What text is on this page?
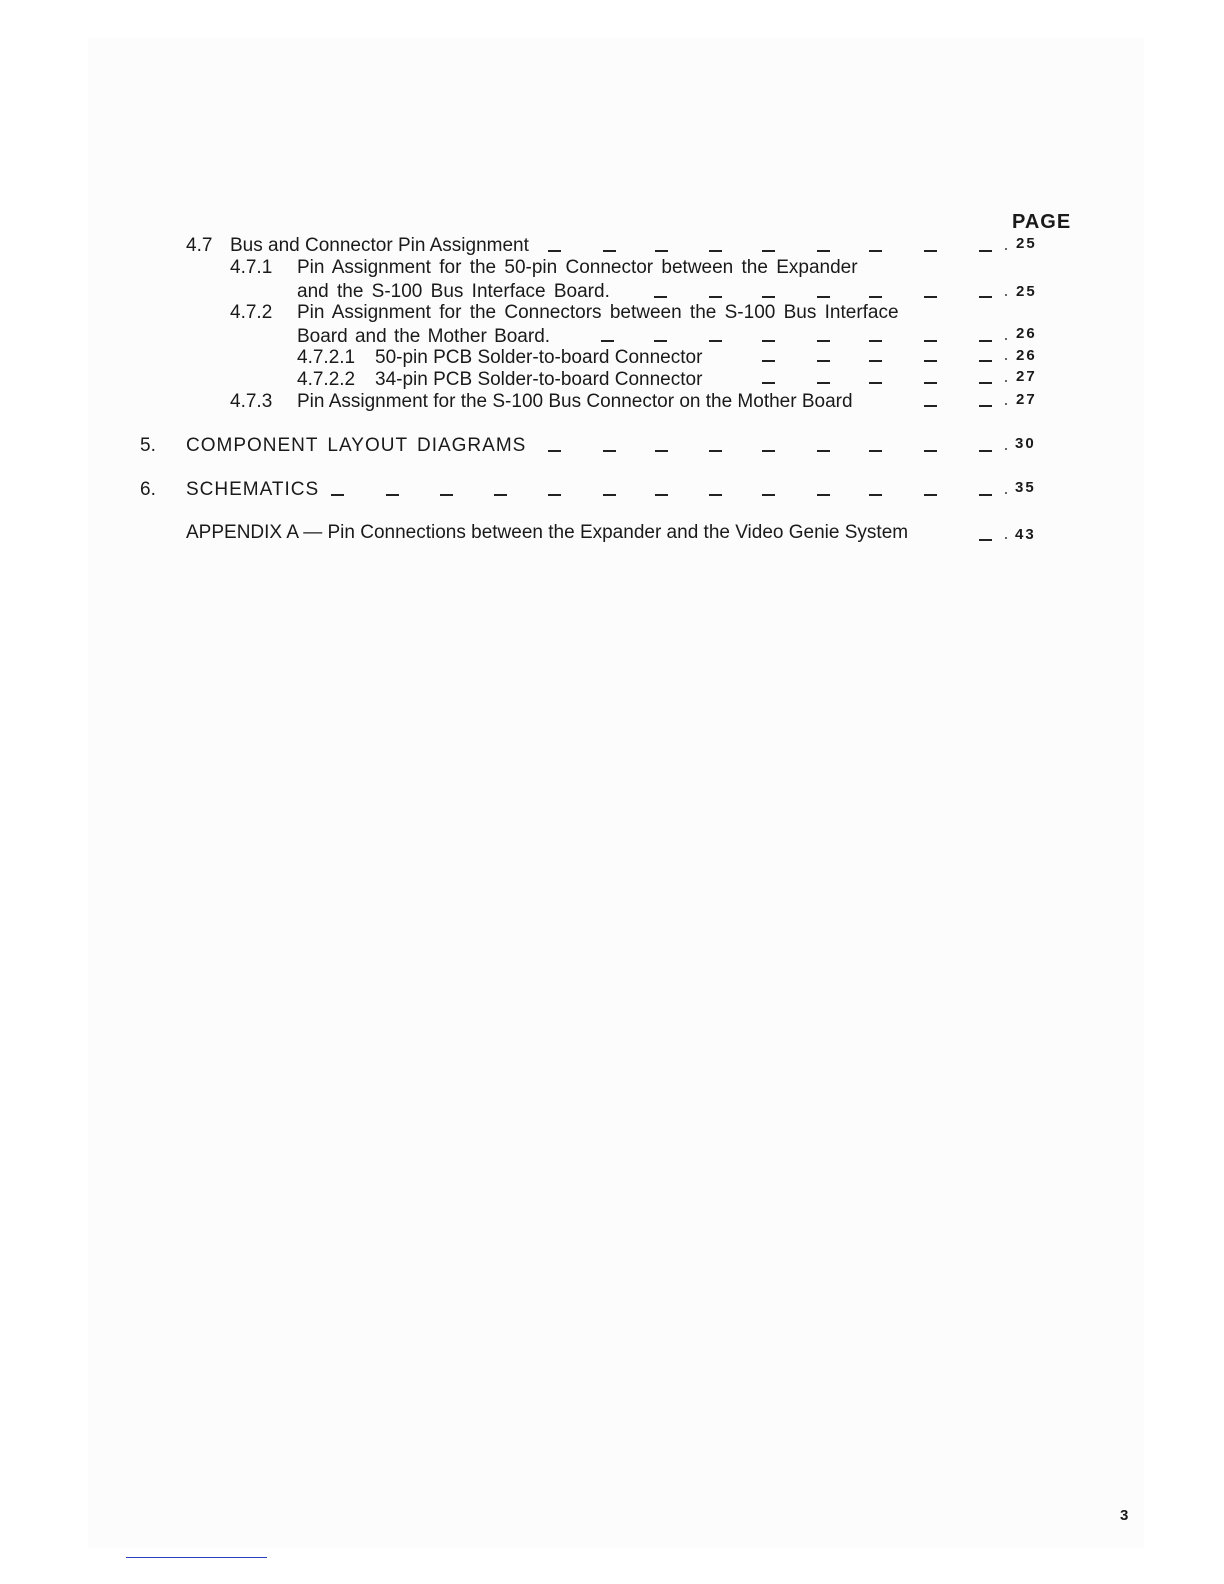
PAGE
4.7 Bus and Connector Pin Assignment	25
4.7.1 Pin Assignment for the 50-pin Connector between the Expander
and the S-100 Bus Interface Board.	25
4.7.2 Pin Assignment for the Connectors between the S-100 Bus Interface
Board and the Mother Board.	26
4.7.2.1 50-pin PCB Solder-to-board Connector	26
4.7.2.2 34-pin PCB Solder-to-board Connector	27
4.7.3 Pin Assignment for the S-100 Bus Connector on the Mother Board	27
5. COMPONENT LAYOUT DIAGRAMS	30
6. SCHEMATICS	35
APPENDIX A — Pin Connections between the Expander and the Video Genie System	43
3
